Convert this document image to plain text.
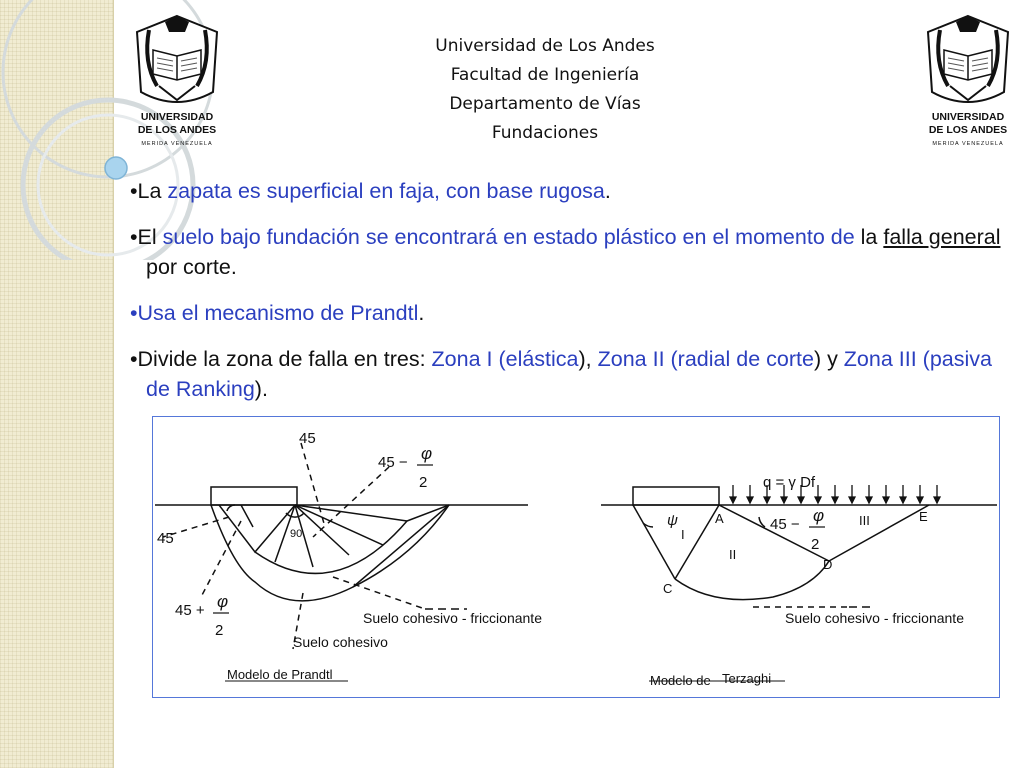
UNIVERSIDAD
DE LOS ANDES
MERIDA VENEZUELA
UNIVERSIDAD
DE LOS ANDES
MERIDA VENEZUELA
Universidad de Los Andes
Facultad de Ingeniería
Departamento de Vías
Fundaciones

•La zapata es superficial en faja, con base rugosa.

•El suelo bajo fundación se encontrará en estado plástico en el momento de la falla general por corte.

•Usa el mecanismo de Prandtl.

•Divide la zona de falla en tres: Zona I (elástica), Zona II (radial de corte) y Zona III (pasiva de Ranking).

45
45 − φ
2
45	90
45 + φ
2
Suelo cohesivo - friccionante
Suelo cohesivo
Modelo de Prandtl
q = γ Df
ψ
I
II
III
A
C
D
E
45 − φ
2
Suelo cohesivo - friccionante
Modelo de Terzaghi
